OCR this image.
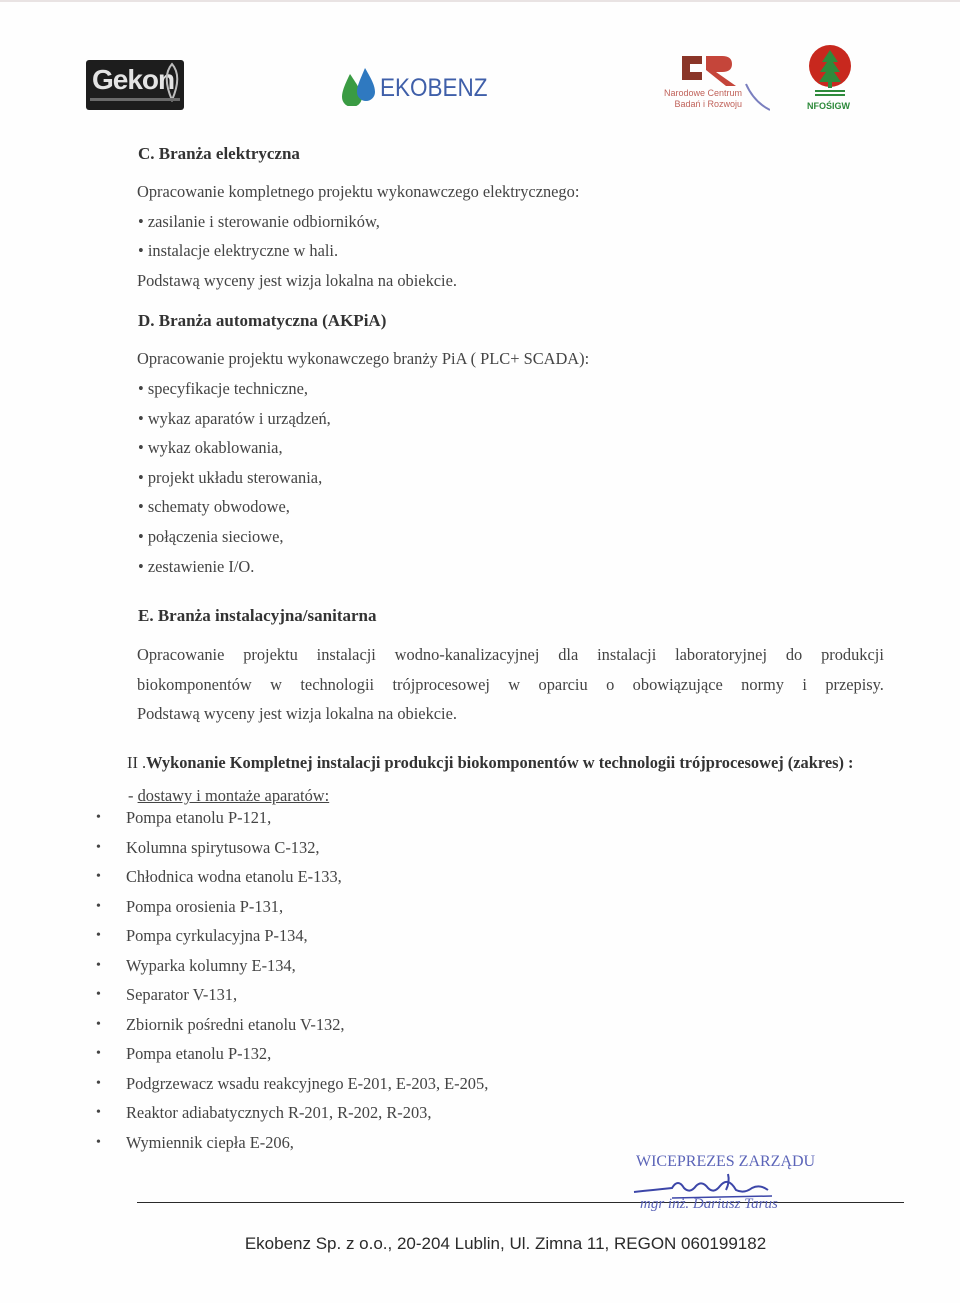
Gekon	EKOBENZ	Narodowe Centrum
Badań i Rozwoju	NFOŚIGW
C. Branża elektryczna
Opracowanie kompletnego projektu wykonawczego elektrycznego:
• zasilanie i sterowanie odbiorników,
• instalacje elektryczne w hali.
Podstawą wyceny jest wizja lokalna na obiekcie.
D. Branża automatyczna (AKPiA)
Opracowanie projektu wykonawczego branży PiA ( PLC+ SCADA):
• specyfikacje techniczne,
• wykaz aparatów i urządzeń,
• wykaz okablowania,
• projekt układu sterowania,
• schematy obwodowe,
• połączenia sieciowe,
• zestawienie I/O.
E. Branża instalacyjna/sanitarna
Opracowanie projektu instalacji wodno-kanalizacyjnej dla instalacji laboratoryjnej do produkcji
biokomponentów w technologii trójprocesowej w oparciu o obowiązujące normy i przepisy.
Podstawą wyceny jest wizja lokalna na obiekcie.
II .Wykonanie Kompletnej instalacji produkcji biokomponentów w technologii trójprocesowej (zakres) :
- dostawy i montaże aparatów:
• Pompa etanolu P-121,
• Kolumna spirytusowa C-132,
• Chłodnica wodna etanolu E-133,
• Pompa orosienia P-131,
• Pompa cyrkulacyjna P-134,
• Wyparka kolumny E-134,
• Separator V-131,
• Zbiornik pośredni etanolu V-132,
• Pompa etanolu P-132,
• Podgrzewacz wsadu reakcyjnego E-201, E-203, E-205,
• Reaktor adiabatycznych R-201, R-202, R-203,
• Wymiennik ciepła E-206,
WICEPREZES ZARZĄDU
mgr inż. Dariusz Tarus
Ekobenz Sp. z o.o., 20-204 Lublin, Ul. Zimna 11, REGON 060199182
